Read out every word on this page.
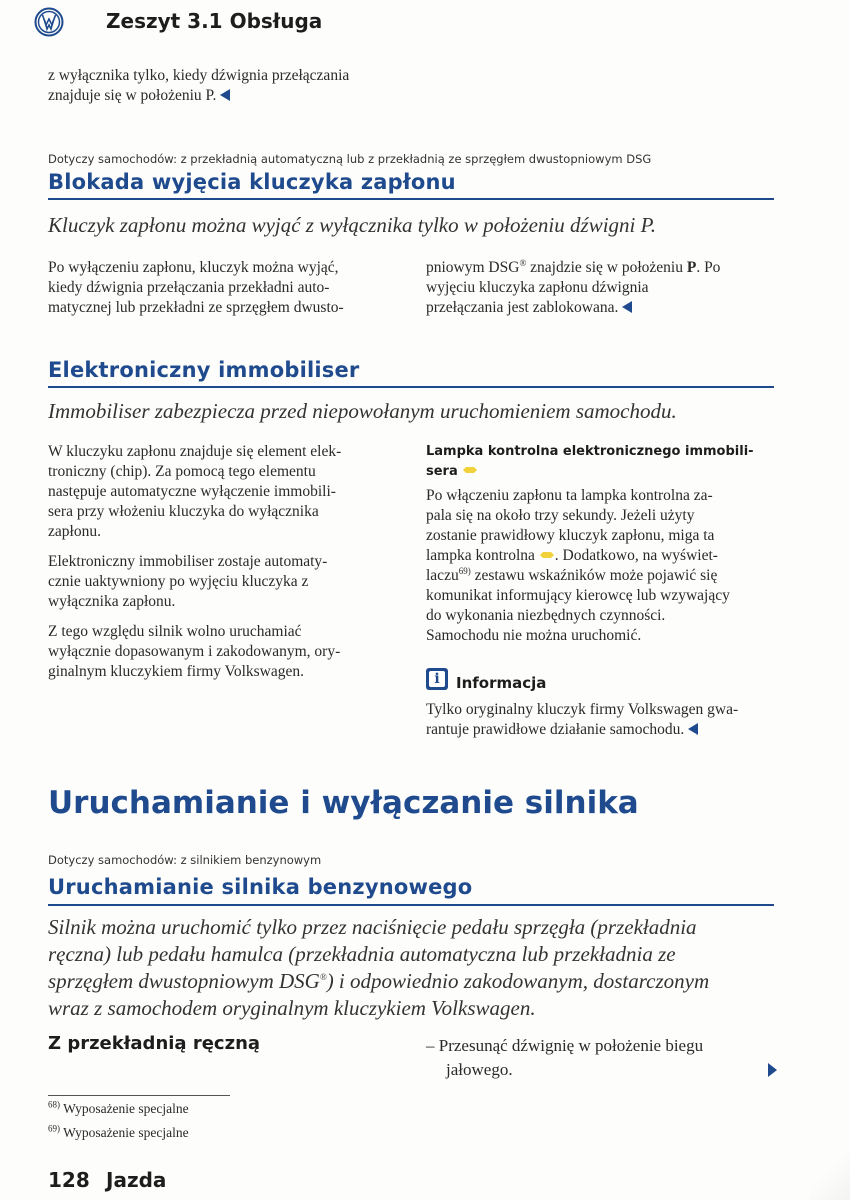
Zeszyt 3.1 Obsługa
z wyłącznika tylko, kiedy dźwignia przełączania
znajduje się w położeniu P.
Dotyczy samochodów: z przekładnią automatyczną lub z przekładnią ze sprzęgłem dwustopniowym DSG
Blokada wyjęcia kluczyka zapłonu
Kluczyk zapłonu można wyjąć z wyłącznika tylko w położeniu dźwigni P.
Po wyłączeniu zapłonu, kluczyk można wyjąć,
kiedy dźwignia przełączania przekładni auto-
matycznej lub przekładni ze sprzęgłem dwusto-
pniowym DSG® znajdzie się w położeniu P. Po
wyjęciu kluczyka zapłonu dźwignia
przełączania jest zablokowana.
Elektroniczny immobiliser
Immobiliser zabezpiecza przed niepowołanym uruchomieniem samochodu.
W kluczyku zapłonu znajduje się element elek-
troniczny (chip). Za pomocą tego elementu
następuje automatyczne wyłączenie immobili-
sera przy włożeniu kluczyka do wyłącznika
zapłonu.
Elektroniczny immobiliser zostaje automaty-
cznie uaktywniony po wyjęciu kluczyka z
wyłącznika zapłonu.
Z tego względu silnik wolno uruchamiać
wyłącznie dopasowanym i zakodowanym, ory-
ginalnym kluczykiem firmy Volkswagen.
Lampka kontrolna elektronicznego immobili-
sera
Po włączeniu zapłonu ta lampka kontrolna za-
pala się na około trzy sekundy. Jeżeli użyty
zostanie prawidłowy kluczyk zapłonu, miga ta
lampka kontrolna . Dodatkowo, na wyświet-
laczu$^{69)}$ zestawu wskaźników może pojawić się
komunikat informujący kierowcę lub wzywający
do wykonania niezbędnych czynności.
Samochodu nie można uruchomić.
i	Informacja
Tylko oryginalny kluczyk firmy Volkswagen gwa-
rantuje prawidłowe działanie samochodu.
Uruchamianie i wyłączanie silnika
Dotyczy samochodów: z silnikiem benzynowym
Uruchamianie silnika benzynowego
Silnik można uruchomić tylko przez naciśnięcie pedału sprzęgła (przekładnia
ręczna) lub pedału hamulca (przekładnia automatyczna lub przekładnia ze
sprzęgłem dwustopniowym DSG®) i odpowiednio zakodowanym, dostarczonym
wraz z samochodem oryginalnym kluczykiem Volkswagen.
Z przekładnią ręczną	– Przesunąć dźwignię w położenie biegu
jałowego.
$^{68)}$ Wyposażenie specjalne
$^{69)}$ Wyposażenie specjalne
128 Jazda
